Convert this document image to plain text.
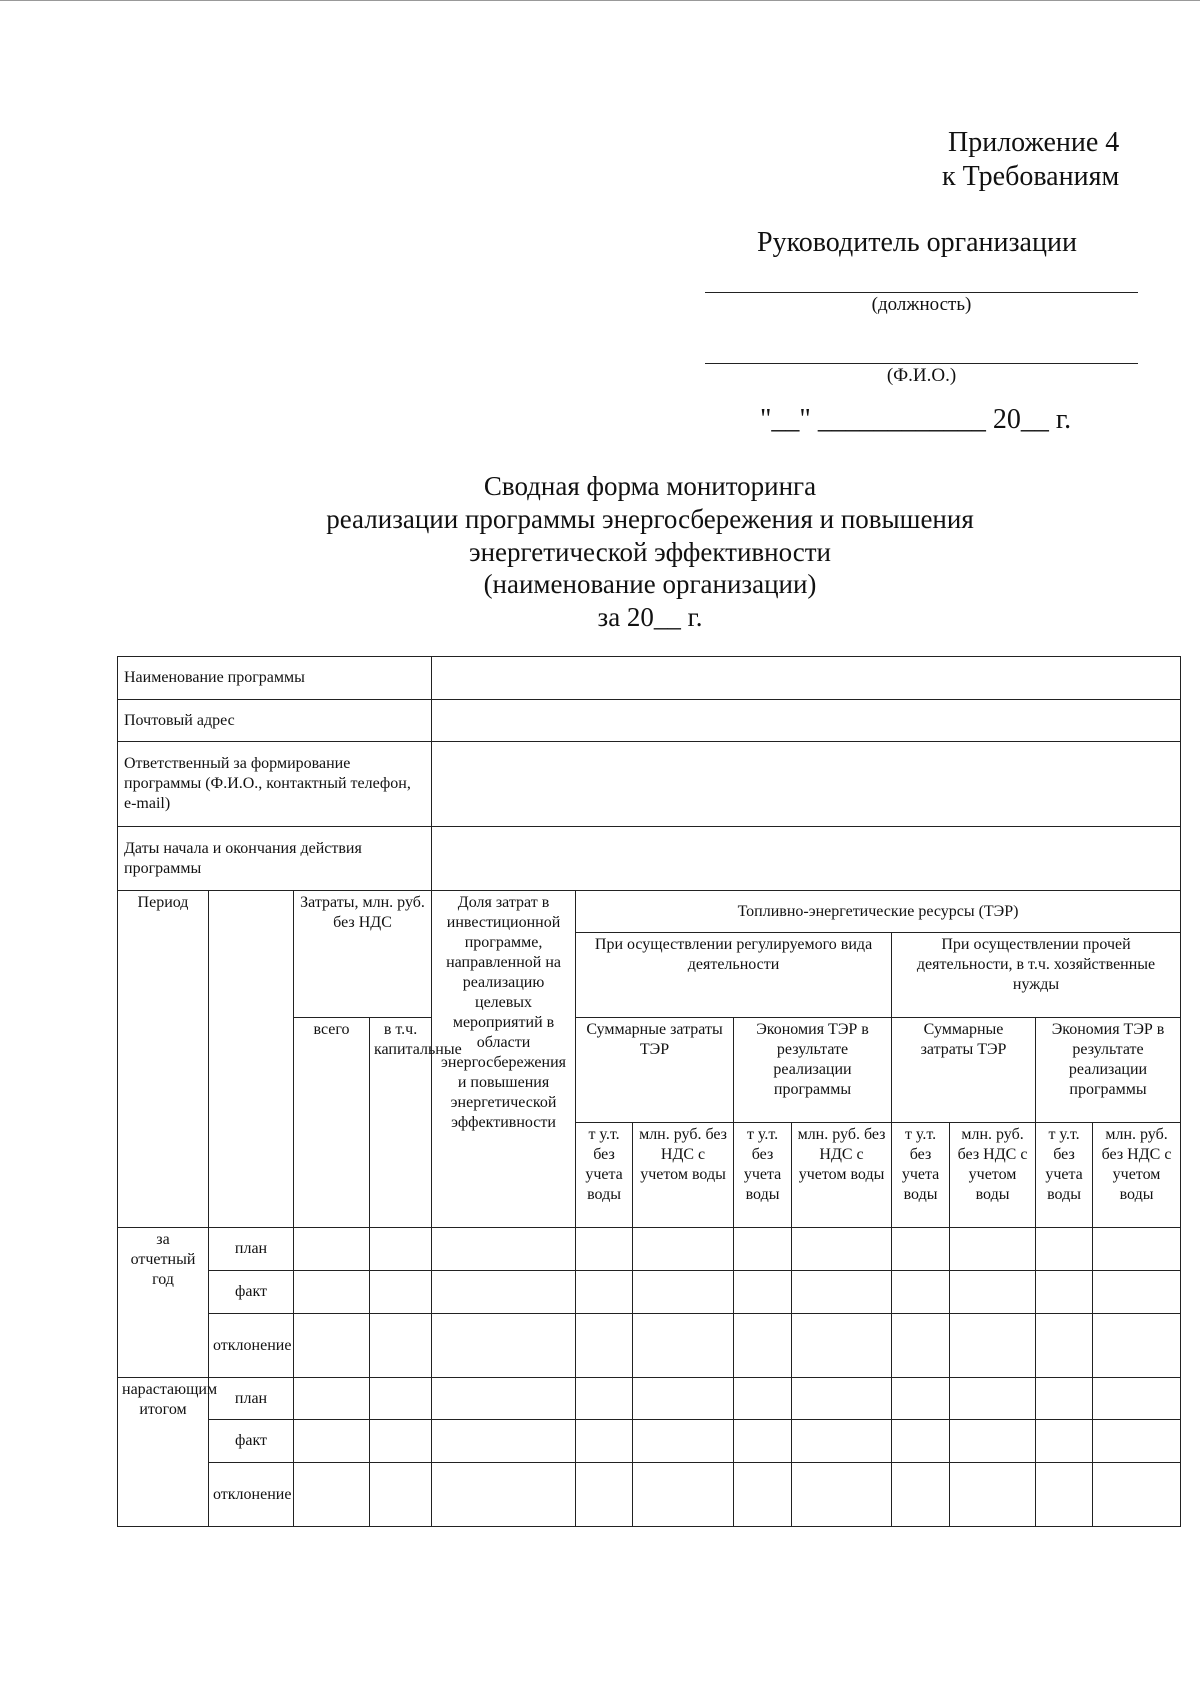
Приложение 4
к Требованиям
Руководитель организации
(должность)
(Ф.И.О.)
"__" ____________ 20__ г.
Сводная форма мониторинга
реализации программы энергосбережения и повышения
энергетической эффективности
(наименование организации)
за 20__ г.
Наименование программы												
Почтовый адрес												
Ответственный за формирование программы (Ф.И.О., контактный телефон, e-mail)												
Даты начала и окончания действия программы												
Период		Затраты, млн. руб. без НДС		Доля затрат в инвестиционной программе, направленной на реализацию целевых мероприятий в области энергосбережения и повышения энергетической эффективности	Топливно-энергетические ресурсы (ТЭР)							
					При осуществлении регулируемого вида деятельности				При осуществлении прочей деятельности, в т.ч. хозяйственные нужды			
		всего	в т.ч. капитальные		Суммарные затраты ТЭР		Экономия ТЭР в результате реализации программы		Суммарные затраты ТЭР		Экономия ТЭР в результате реализации программы	
					т у.т. без учета воды	млн. руб. без НДС с учетом воды	т у.т. без учета воды	млн. руб. без НДС с учетом воды	т у.т. без учета воды	млн. руб. без НДС с учетом воды	т у.т. без учета воды	млн. руб. без НДС с учетом воды
за отчетный год	план											
	факт											
	отклонение											
нарастающим итогом	план											
	факт											
	отклонение											
